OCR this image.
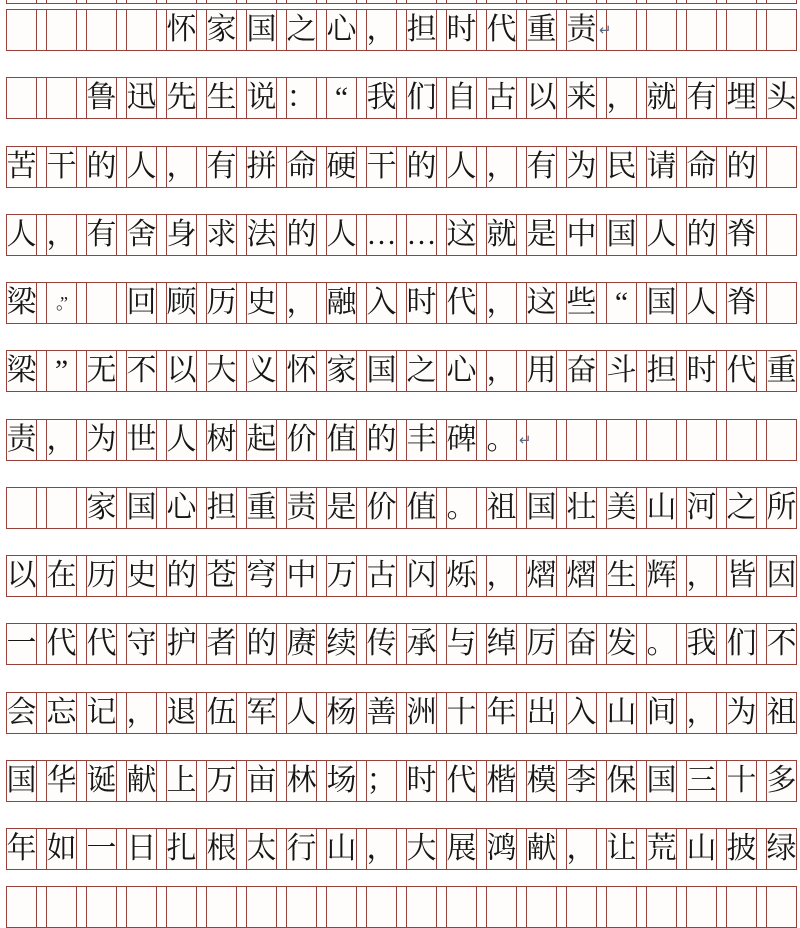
怀 家 国 之 心 ， 担 时 代 重 责 ↵
鲁 迅 先 生 说 ： “ 我 们 自 古 以 来 ， 就 有 埋 头
苦 干 的 人 ， 有 拼 命 硬 干 的 人 ， 有 为 民 请 命 的
人 ， 有 舍 身 求 法 的 人 … … 这 就 是 中 国 人 的 脊
梁	。”	回 顾 历 史 ， 融 入 时 代 ， 这 些 “ 国 人 脊
梁 ” 无 不 以 大 义 怀 家 国 之 心 ， 用 奋 斗 担 时 代 重
责 ， 为 世 人 树 起 价 值 的 丰 碑 。 ↵
家 国 心 担 重 责 是 价 值 。 祖 国 壮 美 山 河 之 所
以 在 历 史 的 苍 穹 中 万 古 闪 烁 ， 熠 熠 生 辉 ， 皆 因
一 代 代 守 护 者 的 赓 续 传 承 与 绰 厉 奋 发 。 我 们 不
会 忘 记 ， 退 伍 军 人 杨 善 洲 十 年 出 入 山 间 ， 为 祖
国 华 诞 献 上 万 亩 林 场 ； 时 代 楷 模 李 保 国 三 十 多
年 如 一 日 扎 根 太 行 山 ， 大 展 鸿 献 ， 让 荒 山 披 绿
